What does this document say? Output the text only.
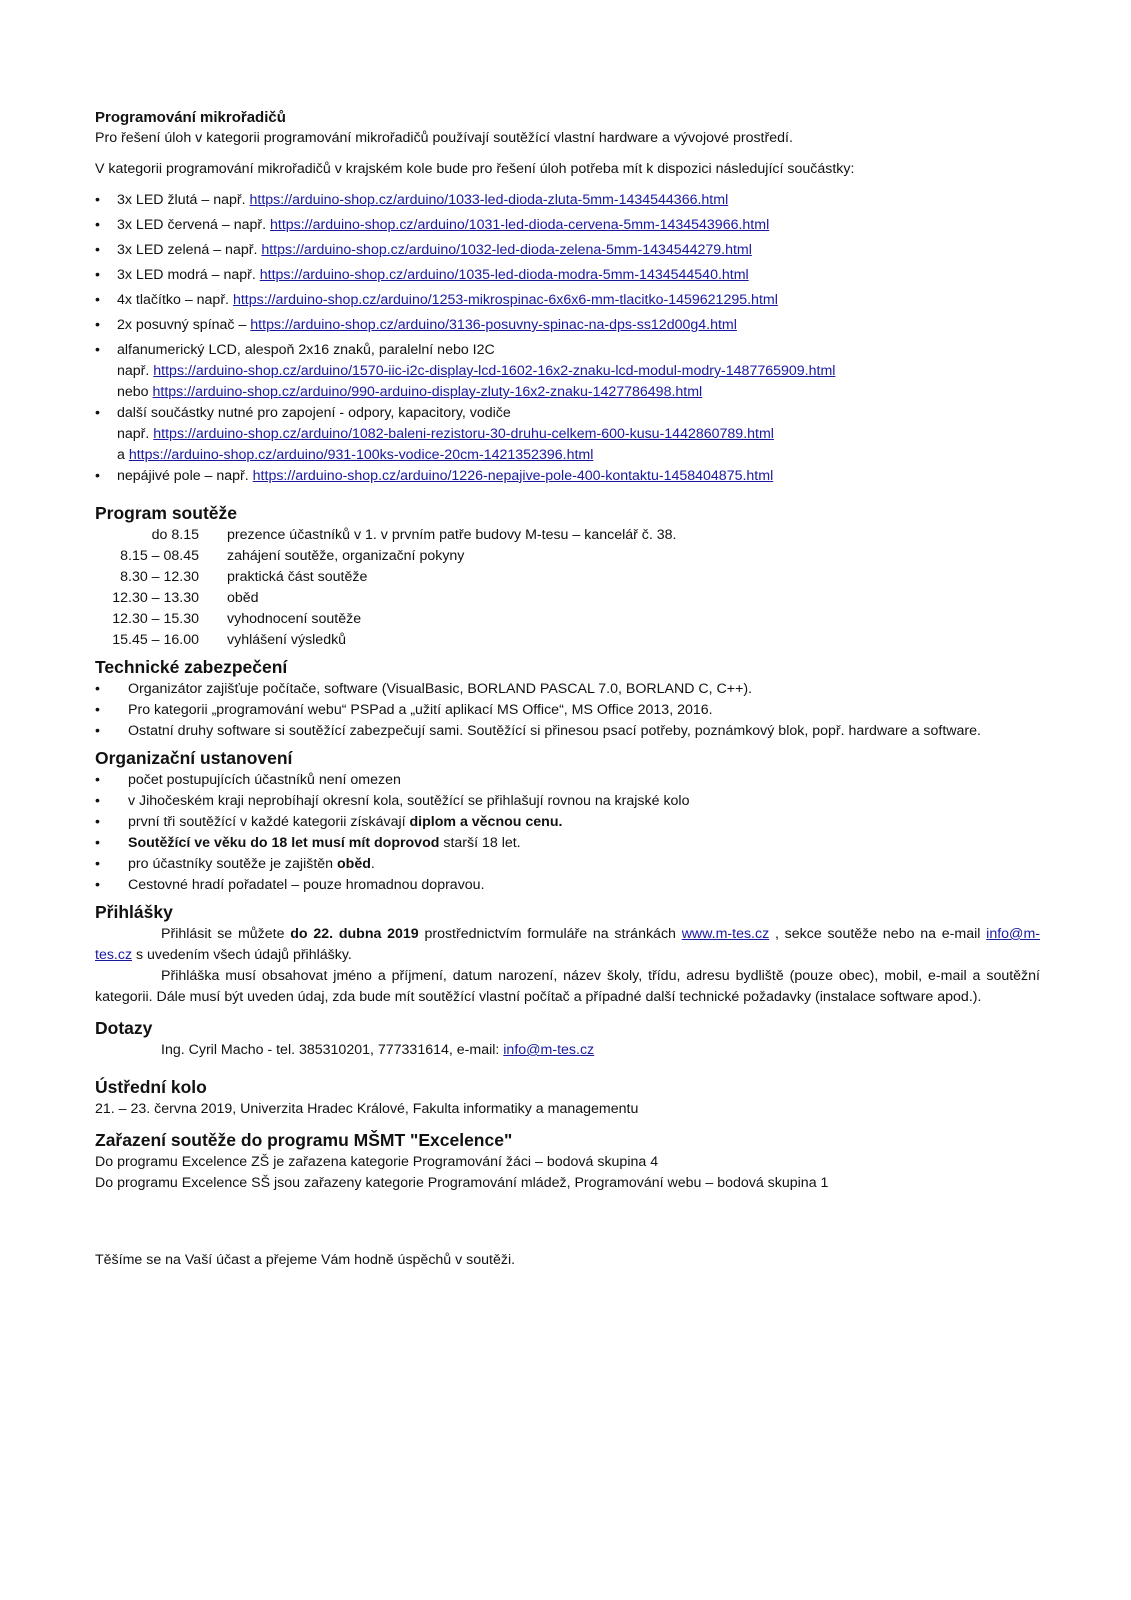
Programování mikrořadičů

Pro řešení úloh v kategorii programování mikrořadičů používají soutěžící vlastní hardware a vývojové prostředí.

V kategorii programování mikrořadičů v krajském kole bude pro řešení úloh potřeba mít k dispozici následující součástky:

• 3x LED žlutá – např. https://arduino-shop.cz/arduino/1033-led-dioda-zluta-5mm-1434544366.html
• 3x LED červená – např. https://arduino-shop.cz/arduino/1031-led-dioda-cervena-5mm-1434543966.html
• 3x LED zelená – např. https://arduino-shop.cz/arduino/1032-led-dioda-zelena-5mm-1434544279.html
• 3x LED modrá – např. https://arduino-shop.cz/arduino/1035-led-dioda-modra-5mm-1434544540.html
• 4x tlačítko – např. https://arduino-shop.cz/arduino/1253-mikrospinac-6x6x6-mm-tlacitko-1459621295.html
• 2x posuvný spínač – https://arduino-shop.cz/arduino/3136-posuvny-spinac-na-dps-ss12d00g4.html
• alfanumerický LCD, alespoň 2x16 znaků, paralelní nebo I2C
např. https://arduino-shop.cz/arduino/1570-iic-i2c-display-lcd-1602-16x2-znaku-lcd-modul-modry-1487765909.html
nebo https://arduino-shop.cz/arduino/990-arduino-display-zluty-16x2-znaku-1427786498.html
• další součástky nutné pro zapojení - odpory, kapacitory, vodiče
např. https://arduino-shop.cz/arduino/1082-baleni-rezistoru-30-druhu-celkem-600-kusu-1442860789.html
a https://arduino-shop.cz/arduino/931-100ks-vodice-20cm-1421352396.html
• nepájivé pole – např. https://arduino-shop.cz/arduino/1226-nepajive-pole-400-kontaktu-1458404875.html
Program soutěže
do 8.15	prezence účastníků v 1. v prvním patře budovy M-tesu – kancelář č. 38.
8.15 – 08.45	zahájení soutěže, organizační pokyny
8.30 – 12.30	praktická část soutěže
12.30 – 13.30	oběd
12.30 – 15.30	vyhodnocení soutěže
15.45 – 16.00	vyhlášení výsledků
Technické zabezpečení
• Organizátor zajišťuje počítače, software (VisualBasic, BORLAND PASCAL 7.0, BORLAND C, C++).
• Pro kategorii „programování webu“ PSPad a „užití aplikací MS Office“, MS Office 2013, 2016.
• Ostatní druhy software si soutěžící zabezpečují sami. Soutěžící si přinesou psací potřeby, poznámkový blok, popř. hardware a software.
Organizační ustanovení
• počet postupujících účastníků není omezen
• v Jihočeském kraji neprobíhají okresní kola, soutěžící se přihlašují rovnou na krajské kolo
• první tři soutěžící v každé kategorii získávají diplom a věcnou cenu.
• Soutěžící ve věku do 18 let musí mít doprovod starší 18 let.
• pro účastníky soutěže je zajištěn oběd.
• Cestovné hradí pořadatel – pouze hromadnou dopravou.
Přihlášky

Přihlásit se můžete do 22. dubna 2019 prostřednictvím formuláře na stránkách www.m-tes.cz , sekce soutěže nebo na e-mail info@m-tes.cz s uvedením všech údajů přihlášky.

Přihláška musí obsahovat jméno a příjmení, datum narození, název školy, třídu, adresu bydliště (pouze obec), mobil, e-mail a soutěžní kategorii. Dále musí být uveden údaj, zda bude mít soutěžící vlastní počítač a případné další technické požadavky (instalace software apod.).

Dotazy

Ing. Cyril Macho - tel. 385310201, 777331614, e-mail: info@m-tes.cz

Ústřední kolo

21. – 23. června 2019, Univerzita Hradec Králové, Fakulta informatiky a managementu

Zařazení soutěže do programu MŠMT "Excelence"

Do programu Excelence ZŠ je zařazena kategorie Programování žáci – bodová skupina 4

Do programu Excelence SŠ jsou zařazeny kategorie Programování mládež, Programování webu – bodová skupina 1

Těšíme se na Vaší účast a přejeme Vám hodně úspěchů v soutěži.
